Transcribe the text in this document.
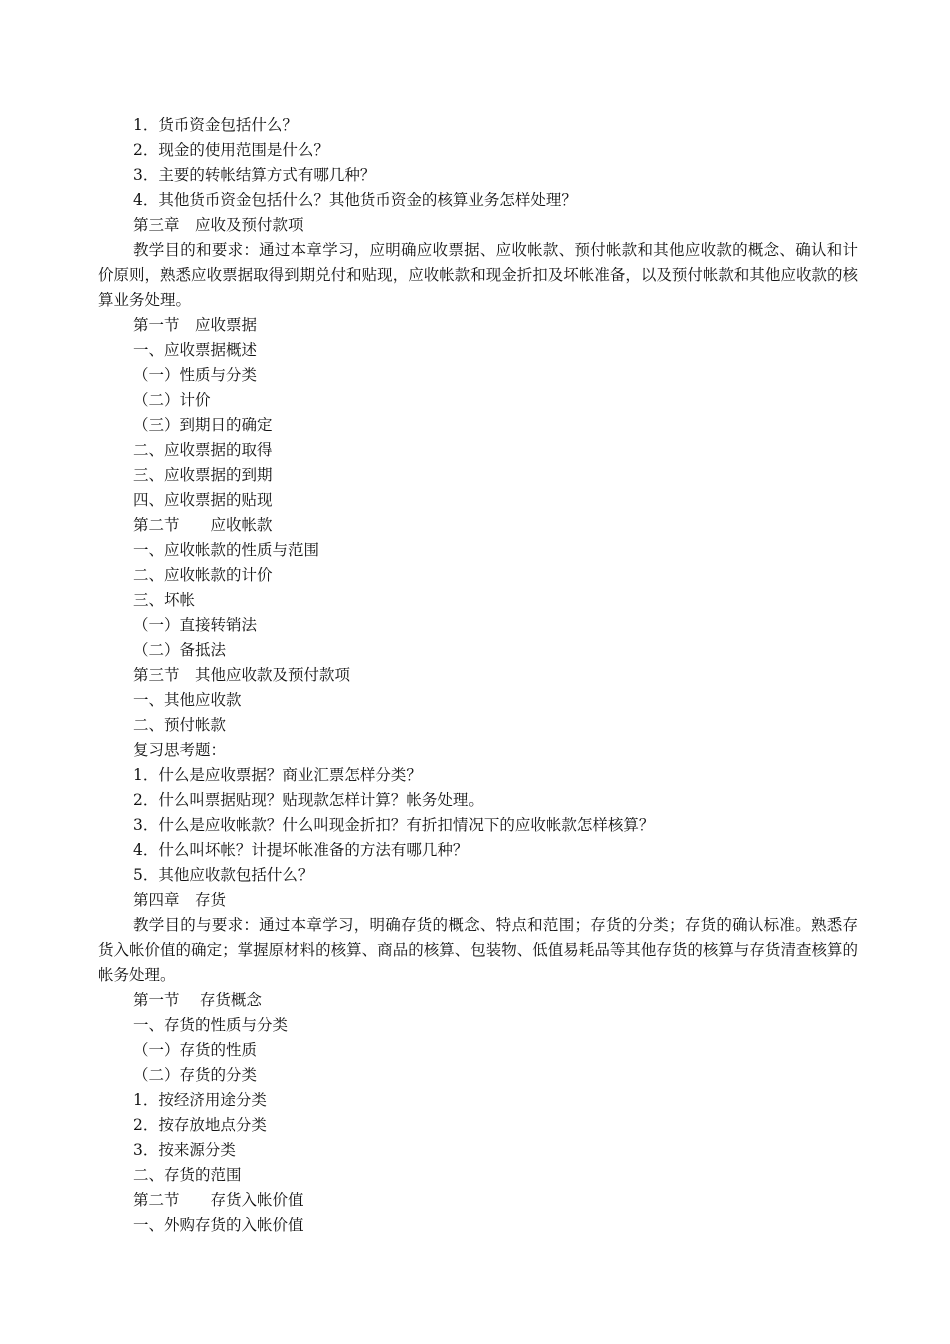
1．货币资金包括什么？
2．现金的使用范围是什么？
3．主要的转帐结算方式有哪几种？
4．其他货币资金包括什么？其他货币资金的核算业务怎样处理？
第三章　应收及预付款项
教学目的和要求：通过本章学习，应明确应收票据、应收帐款、预付帐款和其他应收款的概念、确认和计价原则，熟悉应收票据取得到期兑付和贴现，应收帐款和现金折扣及坏帐准备，以及预付帐款和其他应收款的核算业务处理。
第一节　应收票据
一、应收票据概述
（一）性质与分类
（二）计价
（三）到期日的确定
二、应收票据的取得
三、应收票据的到期
四、应收票据的贴现
第二节　　应收帐款
一、应收帐款的性质与范围
二、应收帐款的计价
三、坏帐
（一）直接转销法
（二）备抵法
第三节　其他应收款及预付款项
一、其他应收款
二、预付帐款
复习思考题：
1．什么是应收票据？商业汇票怎样分类？
2．什么叫票据贴现？贴现款怎样计算？帐务处理。
3．什么是应收帐款？什么叫现金折扣？有折扣情况下的应收帐款怎样核算？
4．什么叫坏帐？计提坏帐准备的方法有哪几种？
5．其他应收款包括什么？
第四章　存货
教学目的与要求：通过本章学习，明确存货的概念、特点和范围；存货的分类；存货的确认标准。熟悉存货入帐价值的确定；掌握原材料的核算、商品的核算、包装物、低值易耗品等其他存货的核算与存货清查核算的帐务处理。
第一节　 存货概念
一、存货的性质与分类
（一）存货的性质
（二）存货的分类
1．按经济用途分类
2．按存放地点分类
3．按来源分类
二、存货的范围
第二节　　存货入帐价值
一、外购存货的入帐价值
